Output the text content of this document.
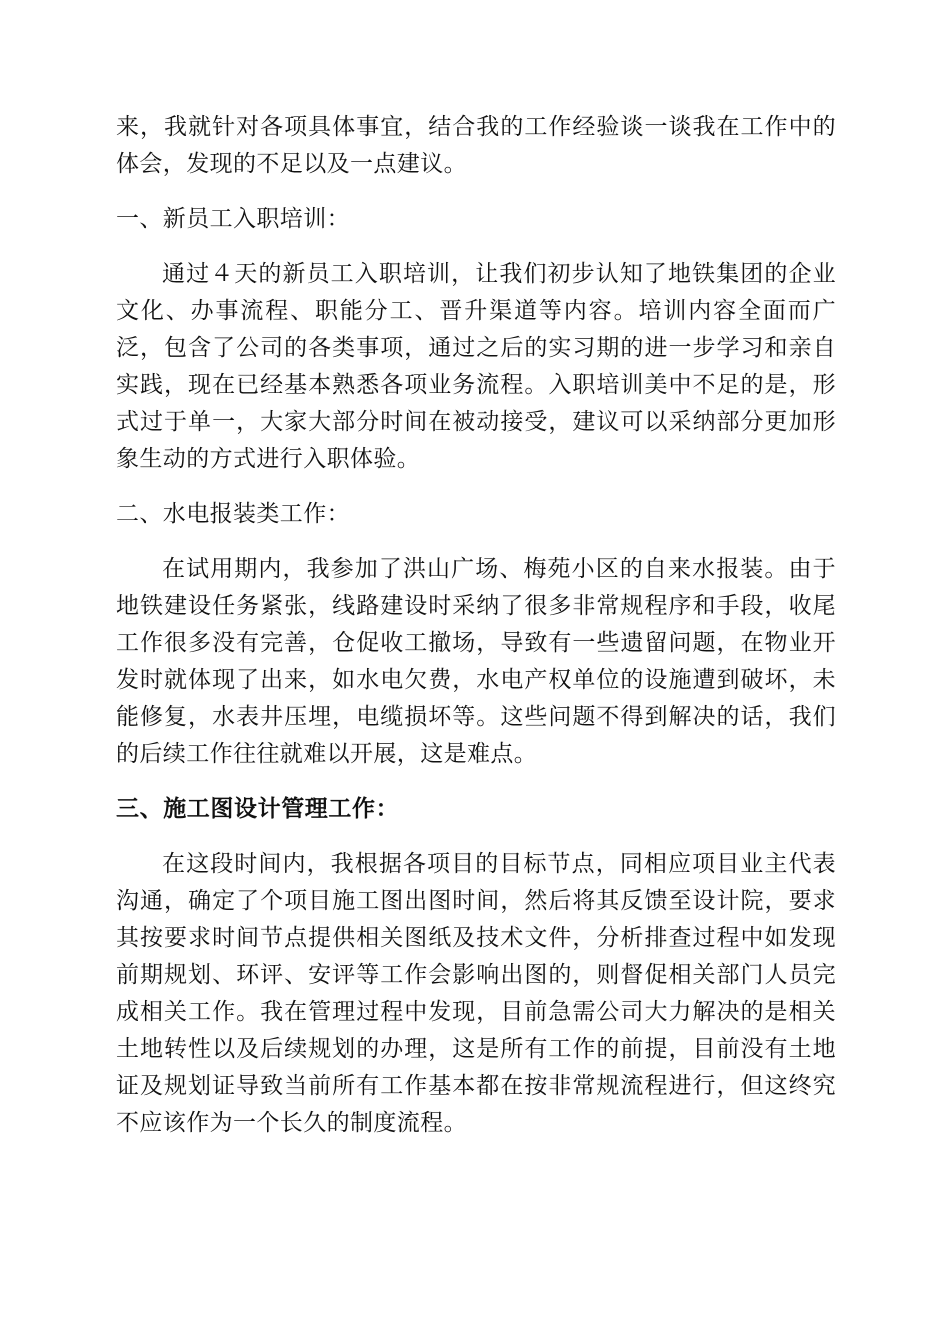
来，我就针对各项具体事宜，结合我的工作经验谈一谈我在工作中的体会，发现的不足以及一点建议。

一、新员工入职培训：

通过４天的新员工入职培训，让我们初步认知了地铁集团的企业文化、办事流程、职能分工、晋升渠道等内容。培训内容全面而广泛，包含了公司的各类事项，通过之后的实习期的进一步学习和亲自实践，现在已经基本熟悉各项业务流程。入职培训美中不足的是，形式过于单一，大家大部分时间在被动接受，建议可以采纳部分更加形象生动的方式进行入职体验。

二、水电报装类工作：

在试用期内，我参加了洪山广场、梅苑小区的自来水报装。由于地铁建设任务紧张，线路建设时采纳了很多非常规程序和手段，收尾工作很多没有完善，仓促收工撤场，导致有一些遗留问题，在物业开发时就体现了出来，如水电欠费，水电产权单位的设施遭到破坏，未能修复，水表井压埋，电缆损坏等。这些问题不得到解决的话，我们的后续工作往往就难以开展，这是难点。

三、施工图设计管理工作：

在这段时间内，我根据各项目的目标节点，同相应项目业主代表沟通，确定了个项目施工图出图时间，然后将其反馈至设计院，要求其按要求时间节点提供相关图纸及技术文件，分析排查过程中如发现前期规划、环评、安评等工作会影响出图的，则督促相关部门人员完成相关工作。我在管理过程中发现，目前急需公司大力解决的是相关土地转性以及后续规划的办理，这是所有工作的前提，目前没有土地证及规划证导致当前所有工作基本都在按非常规流程进行，但这终究不应该作为一个长久的制度流程。
